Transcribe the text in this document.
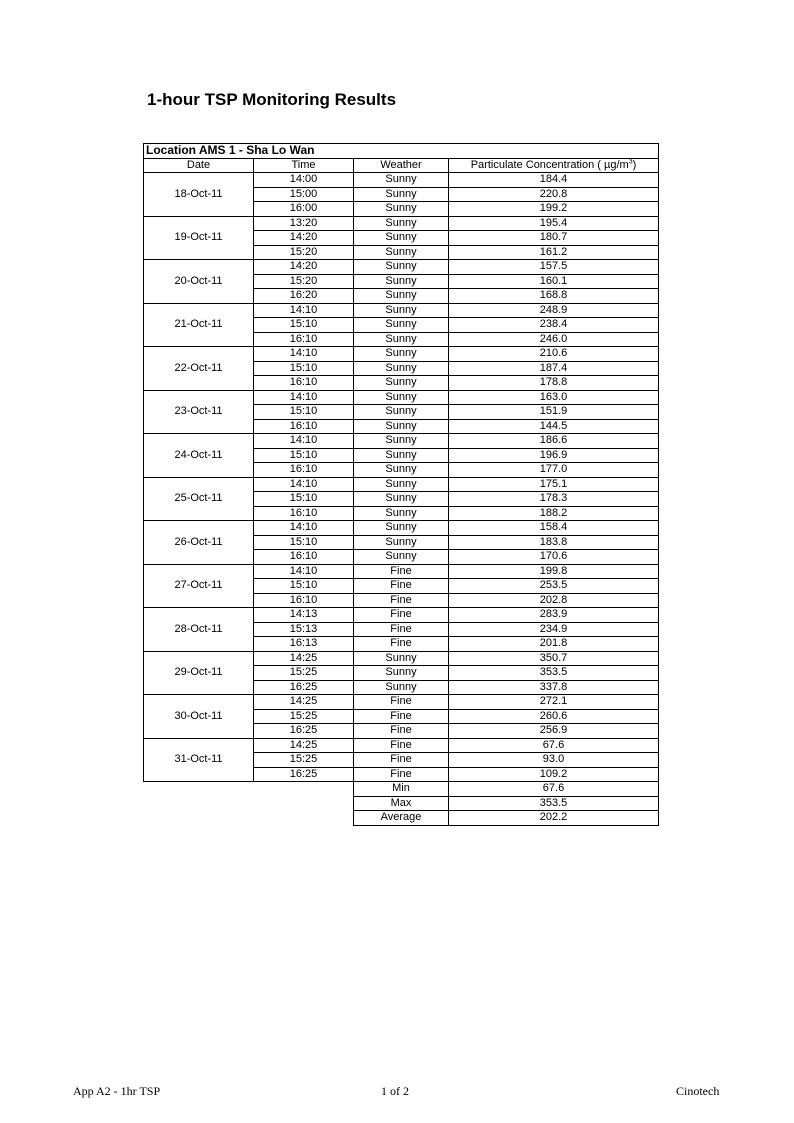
1-hour TSP Monitoring Results
Location AMS 1 - Sha Lo Wan			
Date	Time	Weather	Particulate Concentration ( $\mu g/m^3$)
18-Oct-11	14:00	Sunny	184.4
	15:00	Sunny	220.8
	16:00	Sunny	199.2
19-Oct-11	13:20	Sunny	195.4
	14:20	Sunny	180.7
	15:20	Sunny	161.2
20-Oct-11	14:20	Sunny	157.5
	15:20	Sunny	160.1
	16:20	Sunny	168.8
21-Oct-11	14:10	Sunny	248.9
	15:10	Sunny	238.4
	16:10	Sunny	246.0
22-Oct-11	14:10	Sunny	210.6
	15:10	Sunny	187.4
	16:10	Sunny	178.8
23-Oct-11	14:10	Sunny	163.0
	15:10	Sunny	151.9
	16:10	Sunny	144.5
24-Oct-11	14:10	Sunny	186.6
	15:10	Sunny	196.9
	16:10	Sunny	177.0
25-Oct-11	14:10	Sunny	175.1
	15:10	Sunny	178.3
	16:10	Sunny	188.2
26-Oct-11	14:10	Sunny	158.4
	15:10	Sunny	183.8
	16:10	Sunny	170.6
27-Oct-11	14:10	Fine	199.8
	15:10	Fine	253.5
	16:10	Fine	202.8
28-Oct-11	14:13	Fine	283.9
	15:13	Fine	234.9
	16:13	Fine	201.8
29-Oct-11	14:25	Sunny	350.7
	15:25	Sunny	353.5
	16:25	Sunny	337.8
30-Oct-11	14:25	Fine	272.1
	15:25	Fine	260.6
	16:25	Fine	256.9
31-Oct-11	14:25	Fine	67.6
	15:25	Fine	93.0
	16:25	Fine	109.2
		Min	67.6
		Max	353.5
		Average	202.2
App A2 - 1hr TSP	1 of 2	Cinotech
